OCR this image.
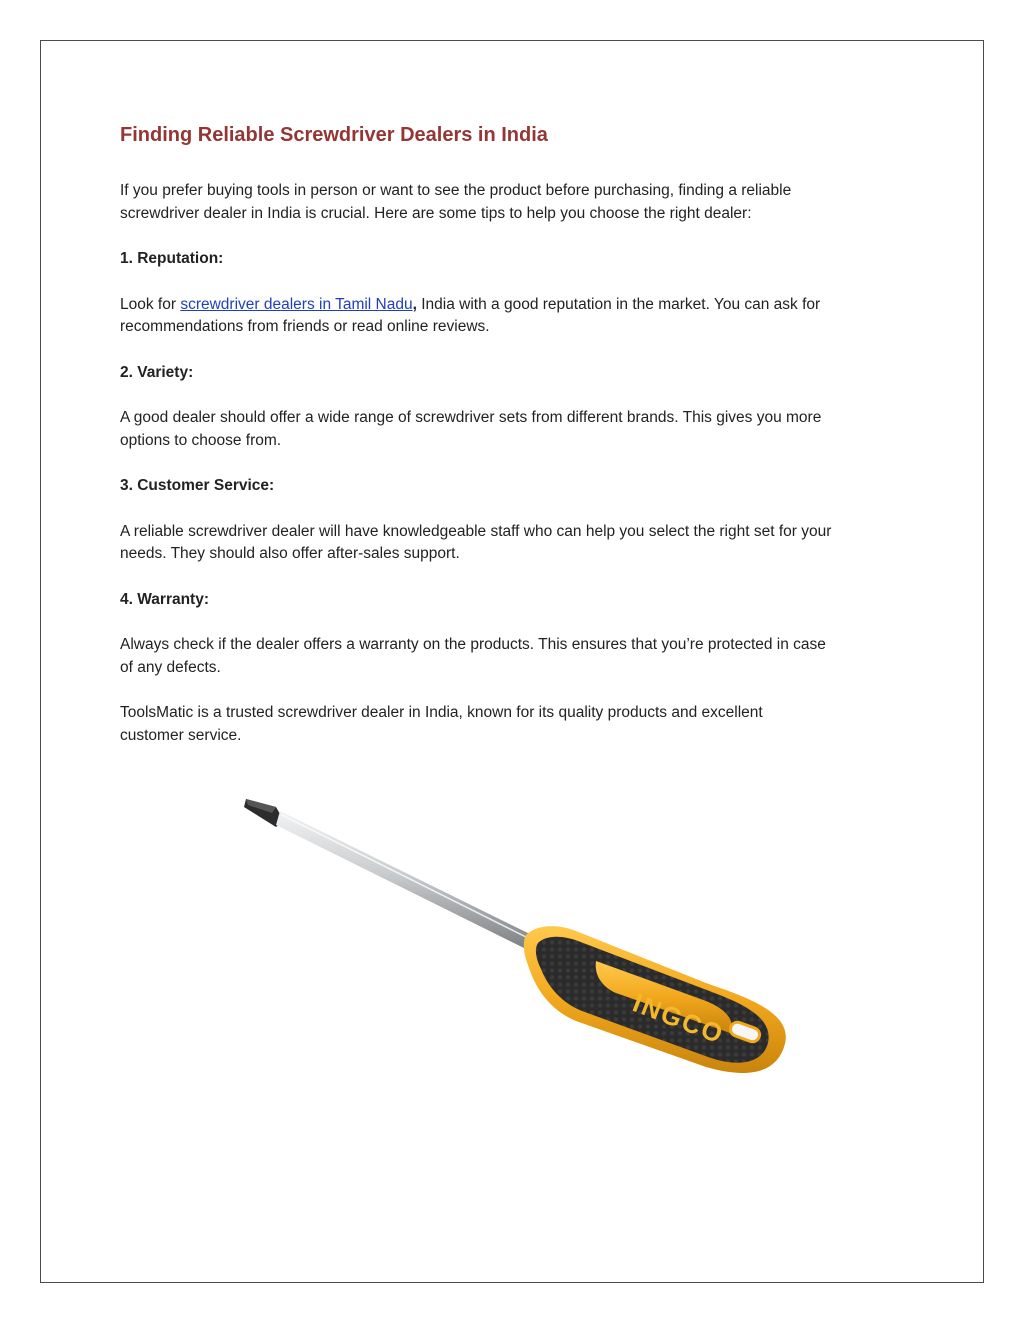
Finding Reliable Screwdriver Dealers in India

If you prefer buying tools in person or want to see the product before purchasing, finding a reliable
screwdriver dealer in India is crucial. Here are some tips to help you choose the right dealer:

1. Reputation:

Look for screwdriver dealers in Tamil Nadu, India with a good reputation in the market. You can ask for
recommendations from friends or read online reviews.

2. Variety:

A good dealer should offer a wide range of screwdriver sets from different brands. This gives you more
options to choose from.

3. Customer Service:

A reliable screwdriver dealer will have knowledgeable staff who can help you select the right set for your
needs. They should also offer after-sales support.

4. Warranty:

Always check if the dealer offers a warranty on the products. This ensures that you’re protected in case
of any defects.

ToolsMatic is a trusted screwdriver dealer in India, known for its quality products and excellent
customer service.

INGCO
